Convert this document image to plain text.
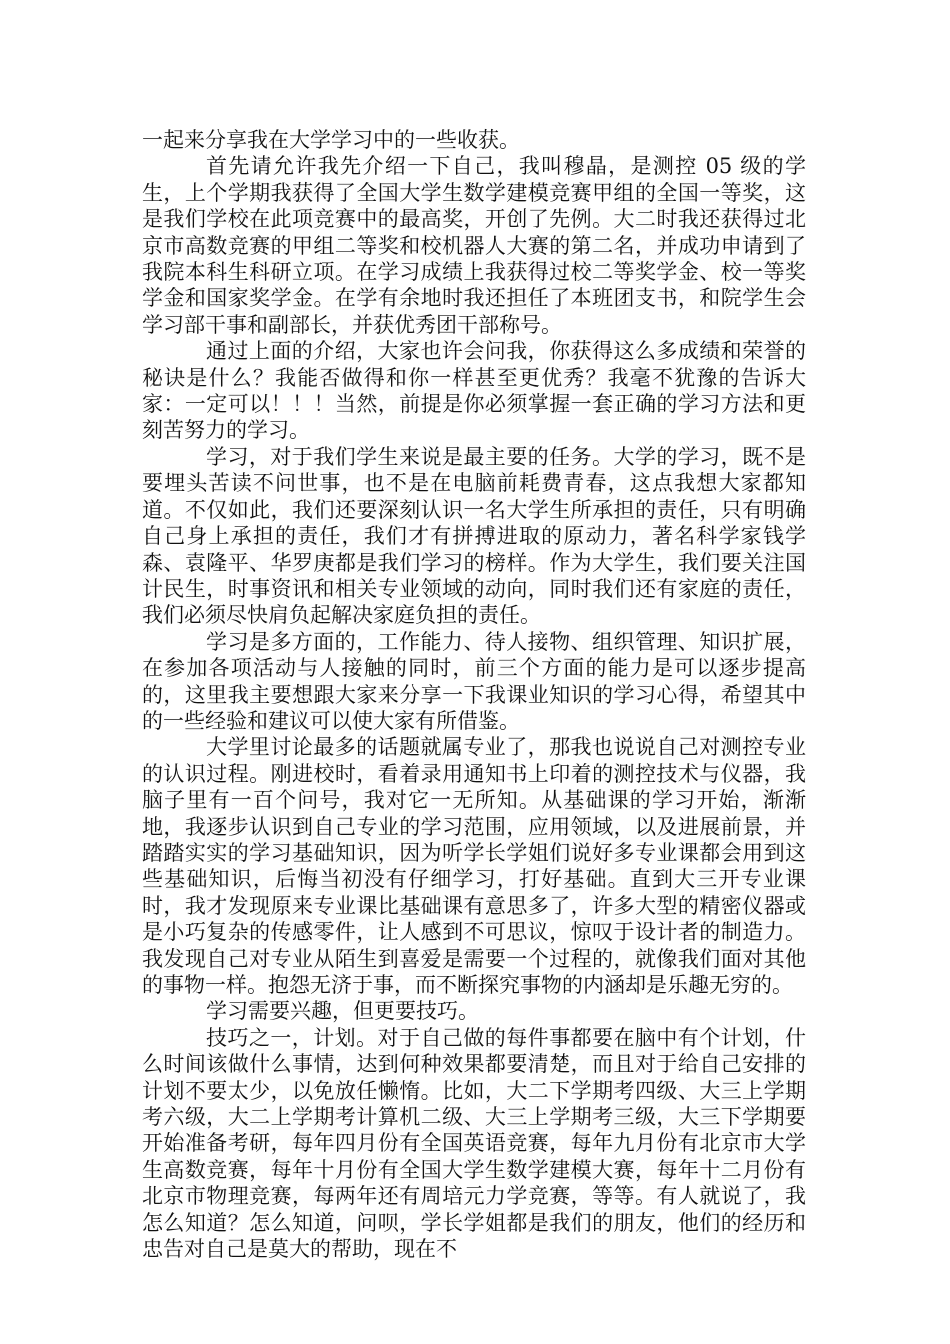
一起来分享我在大学学习中的一些收获。

首先请允许我先介绍一下自己，我叫穆晶，是测控 05 级的学生，上个学期我获得了全国大学生数学建模竞赛甲组的全国一等奖，这是我们学校在此项竞赛中的最高奖，开创了先例。大二时我还获得过北京市高数竞赛的甲组二等奖和校机器人大赛的第二名，并成功申请到了我院本科生科研立项。在学习成绩上我获得过校二等奖学金、校一等奖学金和国家奖学金。在学有余地时我还担任了本班团支书，和院学生会学习部干事和副部长，并获优秀团干部称号。

通过上面的介绍，大家也许会问我，你获得这么多成绩和荣誉的秘诀是什么？我能否做得和你一样甚至更优秀？我毫不犹豫的告诉大家：一定可以！！！当然，前提是你必须掌握一套正确的学习方法和更刻苦努力的学习。

学习，对于我们学生来说是最主要的任务。大学的学习，既不是要埋头苦读不问世事，也不是在电脑前耗费青春，这点我想大家都知道。不仅如此，我们还要深刻认识一名大学生所承担的责任，只有明确自己身上承担的责任，我们才有拼搏进取的原动力，著名科学家钱学森、袁隆平、华罗庚都是我们学习的榜样。作为大学生，我们要关注国计民生，时事资讯和相关专业领域的动向，同时我们还有家庭的责任，我们必须尽快肩负起解决家庭负担的责任。

学习是多方面的，工作能力、待人接物、组织管理、知识扩展，在参加各项活动与人接触的同时，前三个方面的能力是可以逐步提高的，这里我主要想跟大家来分享一下我课业知识的学习心得，希望其中的一些经验和建议可以使大家有所借鉴。

大学里讨论最多的话题就属专业了，那我也说说自己对测控专业的认识过程。刚进校时，看着录用通知书上印着的测控技术与仪器，我脑子里有一百个问号，我对它一无所知。从基础课的学习开始，渐渐地，我逐步认识到自己专业的学习范围，应用领域，以及进展前景，并踏踏实实的学习基础知识，因为听学长学姐们说好多专业课都会用到这些基础知识，后悔当初没有仔细学习，打好基础。直到大三开专业课时，我才发现原来专业课比基础课有意思多了，许多大型的精密仪器或是小巧复杂的传感零件，让人感到不可思议，惊叹于设计者的制造力。我发现自己对专业从陌生到喜爱是需要一个过程的，就像我们面对其他的事物一样。抱怨无济于事，而不断探究事物的内涵却是乐趣无穷的。

学习需要兴趣，但更要技巧。

技巧之一，计划。对于自己做的每件事都要在脑中有个计划，什么时间该做什么事情，达到何种效果都要清楚，而且对于给自己安排的计划不要太少，以免放任懒惰。比如，大二下学期考四级、大三上学期考六级，大二上学期考计算机二级、大三上学期考三级，大三下学期要开始准备考研，每年四月份有全国英语竞赛，每年九月份有北京市大学生高数竞赛，每年十月份有全国大学生数学建模大赛，每年十二月份有北京市物理竞赛，每两年还有周培元力学竞赛，等等。有人就说了，我怎么知道？怎么知道，问呗，学长学姐都是我们的朋友，他们的经历和忠告对自己是莫大的帮助，现在不
